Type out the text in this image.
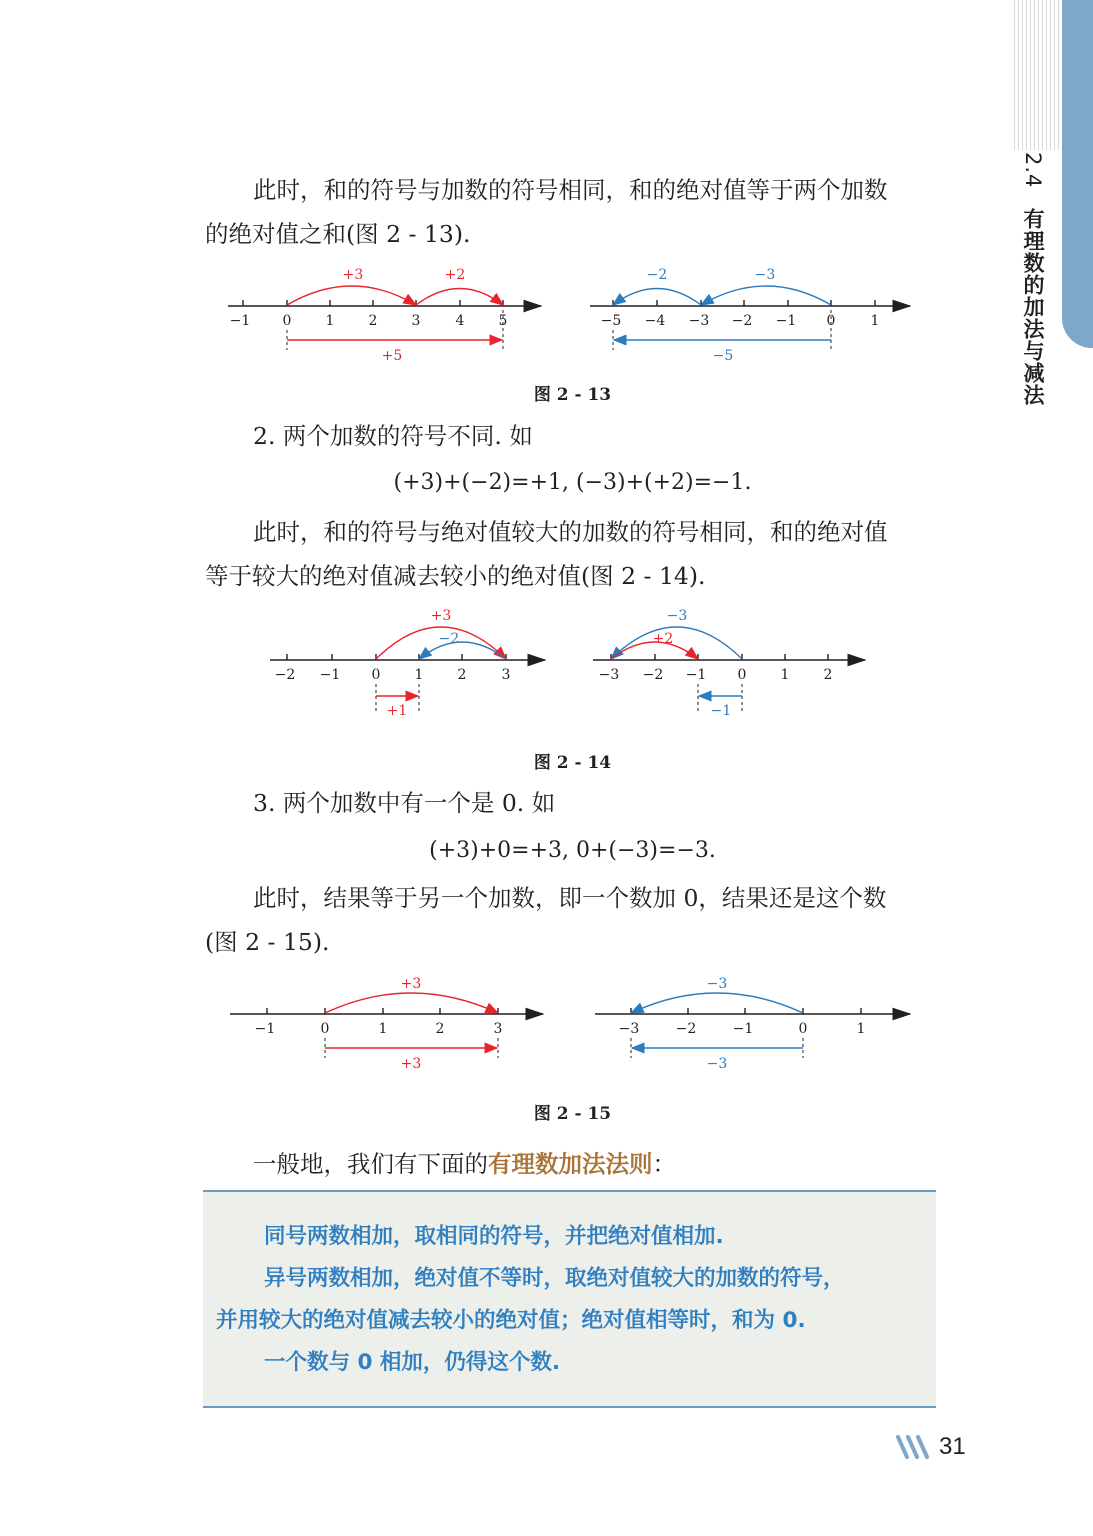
2.4 有理数的加法与减法

此时，和的符号与加数的符号相同，和的绝对值等于两个加数
的绝对值之和(图 2 - 13).

−1 0 1 2 3	4 5
+3	+2
+5
−5 −4 −3 −2 −1 0	1
−2	−3
−5

图 2 - 13

2. 两个加数的符号不同. 如

(+3)+(−2)=+1, (−3)+(+2)=−1.

此时，和的符号与绝对值较大的加数的符号相同，和的绝对值
等于较大的绝对值减去较小的绝对值(图 2 - 14).

−2 −1 0 1 2	3
+3
−2
+1
−3 −2 −1 0 1 2
−3
+2
−1

图 2 - 14

3. 两个加数中有一个是 0. 如

(+3)+0=+3, 0+(−3)=−3.

此时，结果等于另一个加数，即一个数加 0，结果还是这个数
(图 2 - 15).

−1	0	1	2	3
+3
+3
−3	−2	−1	0	1
−3
−3

图 2 - 15

一般地，我们有下面的有理数加法法则：

同号两数相加，取相同的符号，并把绝对值相加.

异号两数相加，绝对值不等时，取绝对值较大的加数的符号，

并用较大的绝对值减去较小的绝对值；绝对值相等时，和为 0.

一个数与 0 相加，仍得这个数.

31
